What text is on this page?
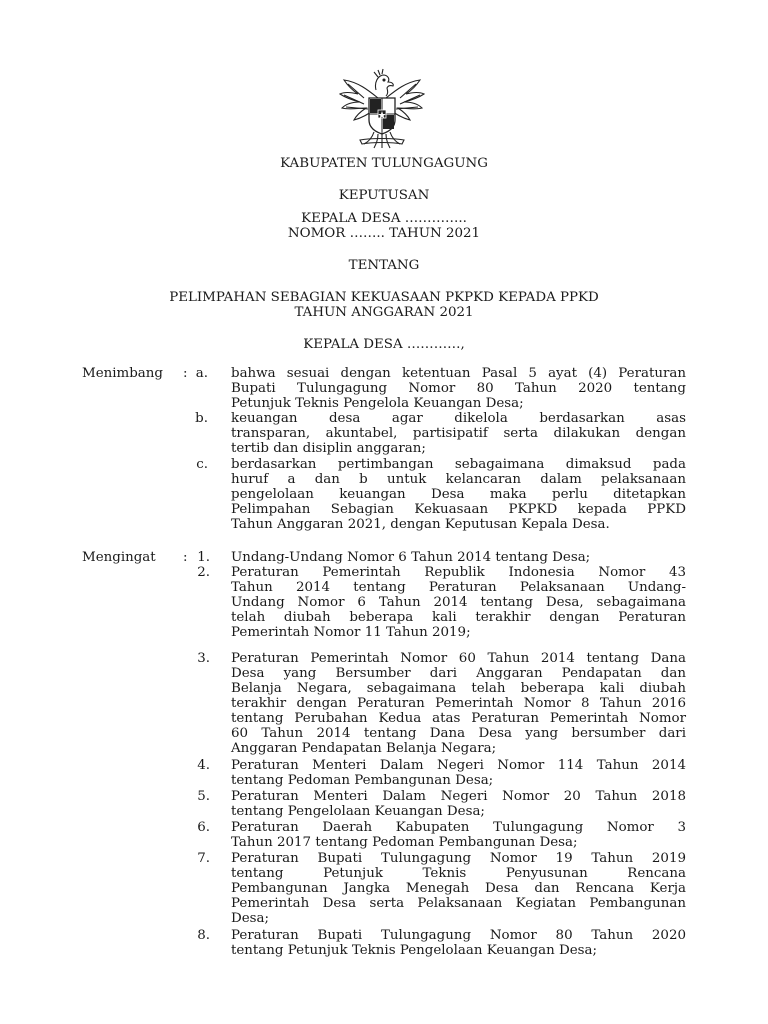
KABUPATEN TULUNGAGUNG
KEPUTUSAN
KEPALA DESA …………..
NOMOR …….. TAHUN 2021
TENTANG
PELIMPAHAN SEBAGIAN KEKUASAAN PKPKD KEPADA PPKD
TAHUN ANGGARAN 2021
KEPALA DESA …………,
Menimbang : a. bahwa sesuai dengan ketentuan Pasal 5 ayat (4) Peraturan
Bupati Tulungagung Nomor 80 Tahun 2020 tentang
Petunjuk Teknis Pengelola Keuangan Desa;
b. keuangan desa agar dikelola berdasarkan asas
transparan, akuntabel, partisipatif serta dilakukan dengan
tertib dan disiplin anggaran;
c. berdasarkan pertimbangan sebagaimana dimaksud pada
huruf a dan b untuk kelancaran dalam pelaksanaan
pengelolaan keuangan Desa maka perlu ditetapkan
Pelimpahan Sebagian Kekuasaan PKPKD kepada PPKD
Tahun Anggaran 2021, dengan Keputusan Kepala Desa.
Mengingat : 1. Undang-Undang Nomor 6 Tahun 2014 tentang Desa;
2. Peraturan Pemerintah Republik Indonesia Nomor 43
Tahun 2014 tentang Peraturan Pelaksanaan Undang-
Undang Nomor 6 Tahun 2014 tentang Desa, sebagaimana
telah diubah beberapa kali terakhir dengan Peraturan
Pemerintah Nomor 11 Tahun 2019;
3. Peraturan Pemerintah Nomor 60 Tahun 2014 tentang Dana
Desa yang Bersumber dari Anggaran Pendapatan dan
Belanja Negara, sebagaimana telah beberapa kali diubah
terakhir dengan Peraturan Pemerintah Nomor 8 Tahun 2016
tentang Perubahan Kedua atas Peraturan Pemerintah Nomor
60 Tahun 2014 tentang Dana Desa yang bersumber dari
Anggaran Pendapatan Belanja Negara;
4. Peraturan Menteri Dalam Negeri Nomor 114 Tahun 2014
tentang Pedoman Pembangunan Desa;
5. Peraturan Menteri Dalam Negeri Nomor 20 Tahun 2018
tentang Pengelolaan Keuangan Desa;
6. Peraturan Daerah Kabupaten Tulungagung Nomor 3
Tahun 2017 tentang Pedoman Pembangunan Desa;
7. Peraturan Bupati Tulungagung Nomor 19 Tahun 2019
tentang Petunjuk Teknis Penyusunan Rencana
Pembangunan Jangka Menegah Desa dan Rencana Kerja
Pemerintah Desa serta Pelaksanaan Kegiatan Pembangunan
Desa;
8. Peraturan Bupati Tulungagung Nomor 80 Tahun 2020
tentang Petunjuk Teknis Pengelolaan Keuangan Desa;
